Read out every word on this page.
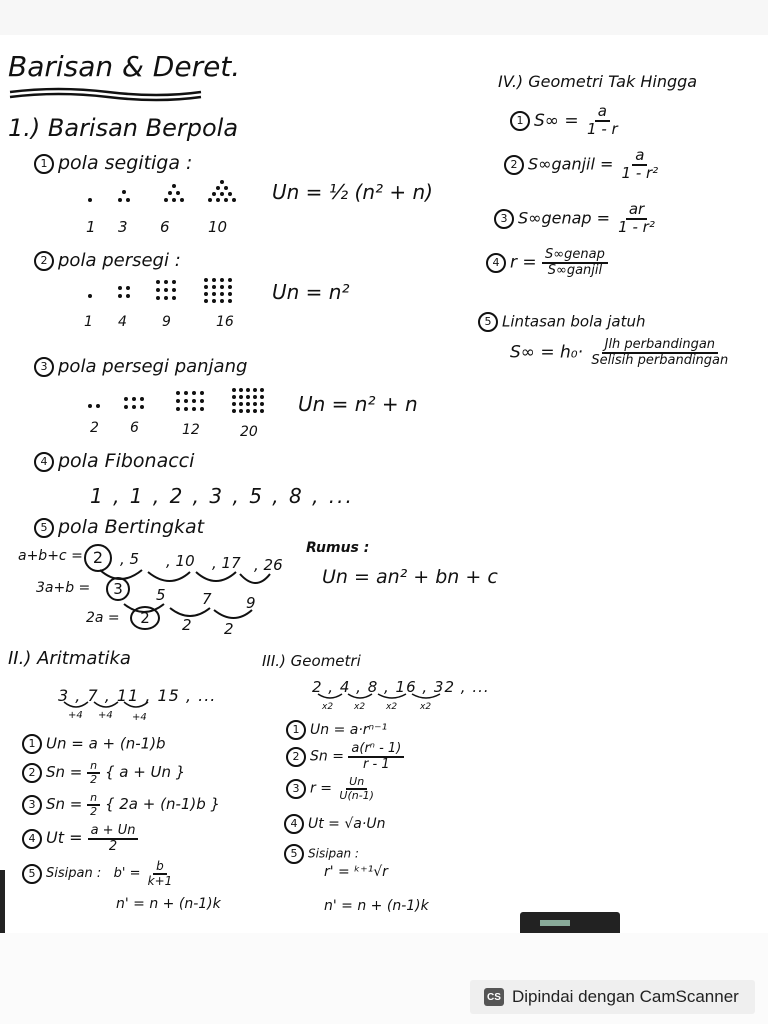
Barisan & Deret.
1.) Barisan Berpola
1 pola segitiga :
1 3 6	10
Un = ½ (n² + n)
2 pola persegi :
1 4	9	16
Un = n²
3 pola persegi panjang
2 6	12	20
Un = n² + n
4 pola Fibonacci
1 , 1 , 2 , 3 , 5 , 8 , ...
5 pola Bertingkat
a+b+c = 2	, 5 , 10 , 17 , 26
3a+b =	3	5 7 9
2a =	2	2 2
Rumus :
Un = an² + bn + c
II.) Aritmatika
3 , 7 , 11 , 15 , ...
+4 +4 +4
1 Un = a + (n-1)b
2 $Sn = \frac{n}{2}$ { a + Un }
3 $Sn = \frac{n}{2}$ { 2a + (n-1)b }
4 $Ut = \frac{a + Un}{2}$
5 Sisipan : $b' = \frac{b}{k+1}$
n' = n + (n-1)k
III.) Geometri
2 , 4 , 8 , 16 , 32 , ...
x2 x2 x2	x2
1 Un = a·rⁿ⁻¹
2 $Sn = \frac{\text{a(rⁿ - 1)}}{r - 1}$
3 $r = \frac{Un}{U(n-1)}$
4 Ut = √a·Un
5 Sisipan :
r' = ᵏ⁺¹√r
n' = n + (n-1)k
IV.) Geometri Tak Hingga
1 $S\infty = \frac{a}{1 - r}$
2 S∞ganjil = $\frac{a}{\text{1 - r²}}$
3 S∞genap = $\frac{ar}{\text{1 - r²}}$
4 $r = \frac{\text{S∞genap}}{\text{S∞ganjil}}$
5 Lintasan bola jatuh
$S\infty = h_0\cdot \frac{\text{Jlh perbandingan}}{\text{Selisih perbandingan}}$
CS Dipindai dengan CamScanner
